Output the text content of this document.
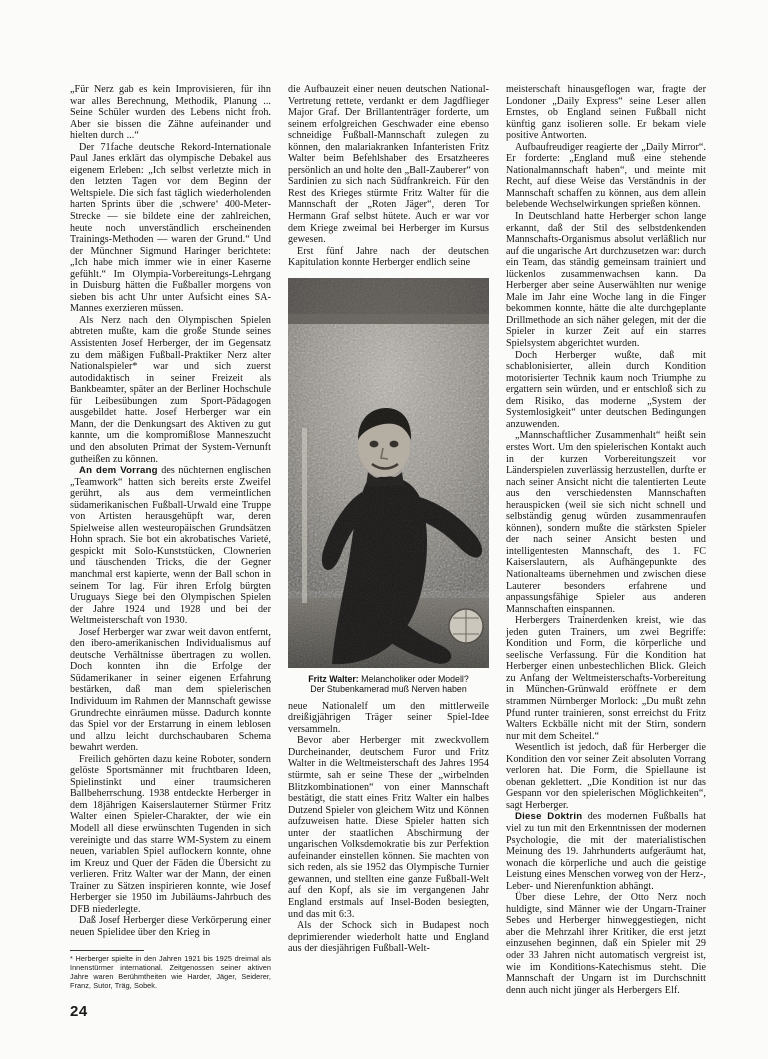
„Für Nerz gab es kein Improvisieren, für ihn war alles Berechnung, Methodik, Planung ... Seine Schüler wurden des Lebens nicht froh. Aber sie bissen die Zähne aufeinander und hielten durch ...“

Der 71fache deutsche Rekord-Internationale Paul Janes erklärt das olympische Debakel aus eigenem Erleben: „Ich selbst verletzte mich in den letzten Tagen vor dem Beginn der Weltspiele. Die sich fast täglich wiederholenden harten Sprints über die ‚schwere‘ 400-Meter-Strecke — sie bildete eine der zahlreichen, heute noch unverständlich erscheinenden Trainings-Methoden — waren der Grund.“ Und der Münchner Sigmund Haringer berichtete: „Ich habe mich immer wie in einer Kaserne gefühlt.“ Im Olympia-Vorbereitungs-Lehrgang in Duisburg hätten die Fußballer morgens von sieben bis acht Uhr unter Aufsicht eines SA-Mannes exerzieren müssen.

Als Nerz nach den Olympischen Spielen abtreten mußte, kam die große Stunde seines Assistenten Josef Herberger, der im Gegensatz zu dem mäßigen Fußball-Praktiker Nerz alter Nationalspieler* war und sich zuerst autodidaktisch in seiner Freizeit als Bankbeamter, später an der Berliner Hochschule für Leibesübungen zum Sport-Pädagogen ausgebildet hatte. Josef Herberger war ein Mann, der die Denkungsart des Aktiven zu gut kannte, um die kompromißlose Manneszucht und den absoluten Primat der System-Vernunft gutheißen zu können.

An dem Vorrang des nüchternen englischen „Teamwork“ hatten sich bereits erste Zweifel gerührt, als aus dem vermeintlichen südamerikanischen Fußball-Urwald eine Truppe von Artisten herausgehüpft war, deren Spielweise allen westeuropäischen Grundsätzen Hohn sprach. Sie bot ein akrobatisches Varieté, gespickt mit Solo-Kunststücken, Clownerien und täuschenden Tricks, die der Gegner manchmal erst kapierte, wenn der Ball schon in seinem Tor lag. Für ihren Erfolg bürgten Uruguays Siege bei den Olympischen Spielen der Jahre 1924 und 1928 und bei der Weltmeisterschaft von 1930.

Josef Herberger war zwar weit davon entfernt, den ibero-amerikanischen Individualismus auf deutsche Verhältnisse übertragen zu wollen. Doch konnten ihn die Erfolge der Südamerikaner in seiner eigenen Erfahrung bestärken, daß man dem spielerischen Individuum im Rahmen der Mannschaft gewisse Grundrechte einräumen müsse. Dadurch konnte das Spiel vor der Erstarrung in einem leblosen und allzu leicht durchschaubaren Schema bewahrt werden.

Freilich gehörten dazu keine Roboter, sondern gelöste Sportsmänner mit fruchtbaren Ideen, Spielinstinkt und einer traumsicheren Ballbeherrschung. 1938 entdeckte Herberger in dem 18jährigen Kaiserslauterner Stürmer Fritz Walter einen Spieler-Charakter, der wie ein Modell all diese erwünschten Tugenden in sich vereinigte und das starre WM-System zu einem neuen, variablen Spiel auflockern konnte, ohne im Kreuz und Quer der Fäden die Übersicht zu verlieren. Fritz Walter war der Mann, der einen Trainer zu Sätzen inspirieren konnte, wie Josef Herberger sie 1950 im Jubiläums-Jahrbuch des DFB niederlegte.

Daß Josef Herberger diese Verkörperung einer neuen Spielidee über den Krieg in

* Herberger spielte in den Jahren 1921 bis 1925 dreimal als Innenstürmer international. Zeitgenossen seiner aktiven Jahre waren Berühmtheiten wie Harder, Jäger, Seiderer, Franz, Sutor, Träg, Sobek.

die Aufbauzeit einer neuen deutschen National-Vertretung rettete, verdankt er dem Jagdflieger Major Graf. Der Brillantenträger forderte, um seinem erfolgreichen Geschwader eine ebenso schneidige Fußball-Mannschaft zulegen zu können, den malariakranken Infanteristen Fritz Walter beim Befehlshaber des Ersatzheeres persönlich an und holte den „Ball-Zauberer“ von Sardinien zu sich nach Südfrankreich. Für den Rest des Krieges stürmte Fritz Walter für die Mannschaft der „Roten Jäger“, deren Tor Hermann Graf selbst hütete. Auch er war vor dem Kriege zweimal bei Herberger im Kursus gewesen.

Erst fünf Jahre nach der deutschen Kapitulation konnte Herberger endlich seine

Fritz Walter: Melancholiker oder Modell?
Der Stubenkamerad muß Nerven haben

neue Nationalelf um den mittlerweile dreißigjährigen Träger seiner Spiel-Idee versammeln.

Bevor aber Herberger mit zweckvollem Durcheinander, deutschem Furor und Fritz Walter in die Weltmeisterschaft des Jahres 1954 stürmte, sah er seine These der „wirbelnden Blitzkombinationen“ von einer Mannschaft bestätigt, die statt eines Fritz Walter ein halbes Dutzend Spieler von gleichem Witz und Können aufzuweisen hatte. Diese Spieler hatten sich unter der staatlichen Abschirmung der ungarischen Volksdemokratie bis zur Perfektion aufeinander einstellen können. Sie machten von sich reden, als sie 1952 das Olympische Turnier gewannen, und stellten eine ganze Fußball-Welt auf den Kopf, als sie im vergangenen Jahr England erstmals auf Insel-Boden besiegten, und das mit 6:3.

Als der Schock sich in Budapest noch deprimierender wiederholt hatte und England aus der diesjährigen Fußball-Welt-

meisterschaft hinausgeflogen war, fragte der Londoner „Daily Express“ seine Leser allen Ernstes, ob England seinen Fußball nicht künftig ganz isolieren solle. Er bekam viele positive Antworten.

Aufbaufreudiger reagierte der „Daily Mirror“. Er forderte: „England muß eine stehende Nationalmannschaft haben“, und meinte mit Recht, auf diese Weise das Verständnis in der Mannschaft schaffen zu können, aus dem allein belebende Wechselwirkungen sprießen können.

In Deutschland hatte Herberger schon lange erkannt, daß der Stil des selbstdenkenden Mannschafts-Organismus absolut verläßlich nur auf die ungarische Art durchzusetzen war: durch ein Team, das ständig gemeinsam trainiert und lückenlos zusammenwachsen kann. Da Herberger aber seine Auserwählten nur wenige Male im Jahr eine Woche lang in die Finger bekommen konnte, hätte die alte durchgeplante Drillmethode an sich näher gelegen, mit der die Spieler in kurzer Zeit auf ein starres Spielsystem abgerichtet wurden.

Doch Herberger wußte, daß mit schablonisierter, allein durch Kondition motorisierter Technik kaum noch Triumphe zu ergattern sein würden, und er entschloß sich zu dem Risiko, das moderne „System der Systemlosigkeit“ unter deutschen Bedingungen anzuwenden.

„Mannschaftlicher Zusammenhalt“ heißt sein erstes Wort. Um den spielerischen Kontakt auch in der kurzen Vorbereitungszeit vor Länderspielen zuverlässig herzustellen, durfte er nach seiner Ansicht nicht die talentierten Leute aus den verschiedensten Mannschaften herauspicken (weil sie sich nicht schnell und selbständig genug würden zusammenraufen können), sondern mußte die stärksten Spieler der nach seiner Ansicht besten und intelligentesten Mannschaft, des 1. FC Kaiserslautern, als Aufhängepunkte des Nationalteams übernehmen und zwischen diese Lauterer besonders erfahrene und anpassungsfähige Spieler aus anderen Mannschaften einspannen.

Herbergers Trainerdenken kreist, wie das jeden guten Trainers, um zwei Begriffe: Kondition und Form, die körperliche und seelische Verfassung. Für die Kondition hat Herberger einen unbestechlichen Blick. Gleich zu Anfang der Weltmeisterschafts-Vorbereitung in München-Grünwald eröffnete er dem strammen Nürnberger Morlock: „Du mußt zehn Pfund runter trainieren, sonst erreichst du Fritz Walters Eckbälle nicht mit der Stirn, sondern nur mit dem Scheitel.“

Wesentlich ist jedoch, daß für Herberger die Kondition den vor seiner Zeit absoluten Vorrang verloren hat. Die Form, die Spiellaune ist obenan geklettert. „Die Kondition ist nur das Gespann vor den spielerischen Möglichkeiten“, sagt Herberger.

Diese Doktrin des modernen Fußballs hat viel zu tun mit den Erkenntnissen der modernen Psychologie, die mit der materialistischen Meinung des 19. Jahrhunderts aufgeräumt hat, wonach die körperliche und auch die geistige Leistung eines Menschen vorweg von der Herz-, Leber- und Nierenfunktion abhängt.

Über diese Lehre, der Otto Nerz noch huldigte, sind Männer wie der Ungarn-Trainer Sebes und Herberger hinweggestiegen, nicht aber die Mehrzahl ihrer Kritiker, die erst jetzt einzusehen beginnen, daß ein Spieler mit 29 oder 33 Jahren nicht automatisch vergreist ist, wie im Konditions-Katechismus steht. Die Mannschaft der Ungarn ist im Durchschnitt denn auch nicht jünger als Herbergers Elf.

24
